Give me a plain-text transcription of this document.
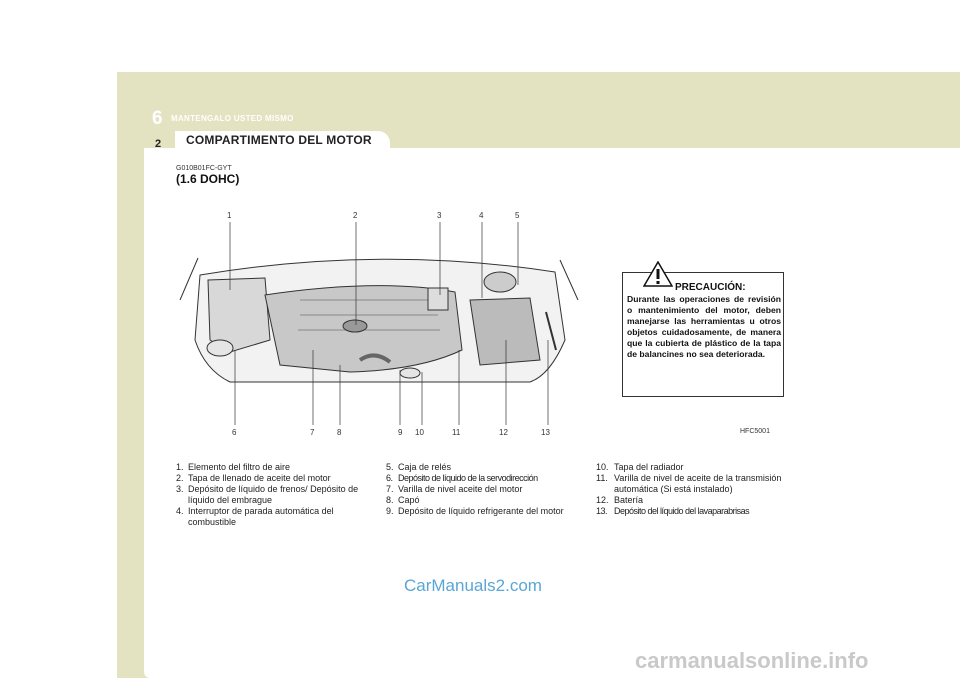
6 MANTENGALO USTED MISMO
2 COMPARTIMENTO DEL MOTOR
G010B01FC-GYT
(1.6 DOHC)
1	2	3	4	5
6	7	8	9 10	11	12	13
PRECAUCIÓN:
Durante las operaciones de revisión o mantenimiento del motor, deben manejarse las herramientas u otros objetos cuidadosamente, de manera que la cubierta de plástico de la tapa de balancines no sea deteriorada.
HFC5001
1. Elemento del filtro de aire
2. Tapa de llenado de aceite del motor
3. Depósito de líquido de frenos/ Depósito de líquido del embrague
4. Interruptor de parada automática del combustible
5. Caja de relés
6. Depósito de líquido de la servodirección
7. Varilla de nivel aceite del motor
8. Capó
9. Depósito de líquido refrigerante del motor
10. Tapa del radiador
11. Varilla de nivel de aceite de la transmisión automática (Si está instalado)
12. Batería
13. Depósito del líquido del lavaparabrisas
CarManuals2.com
carmanualsonline.info
